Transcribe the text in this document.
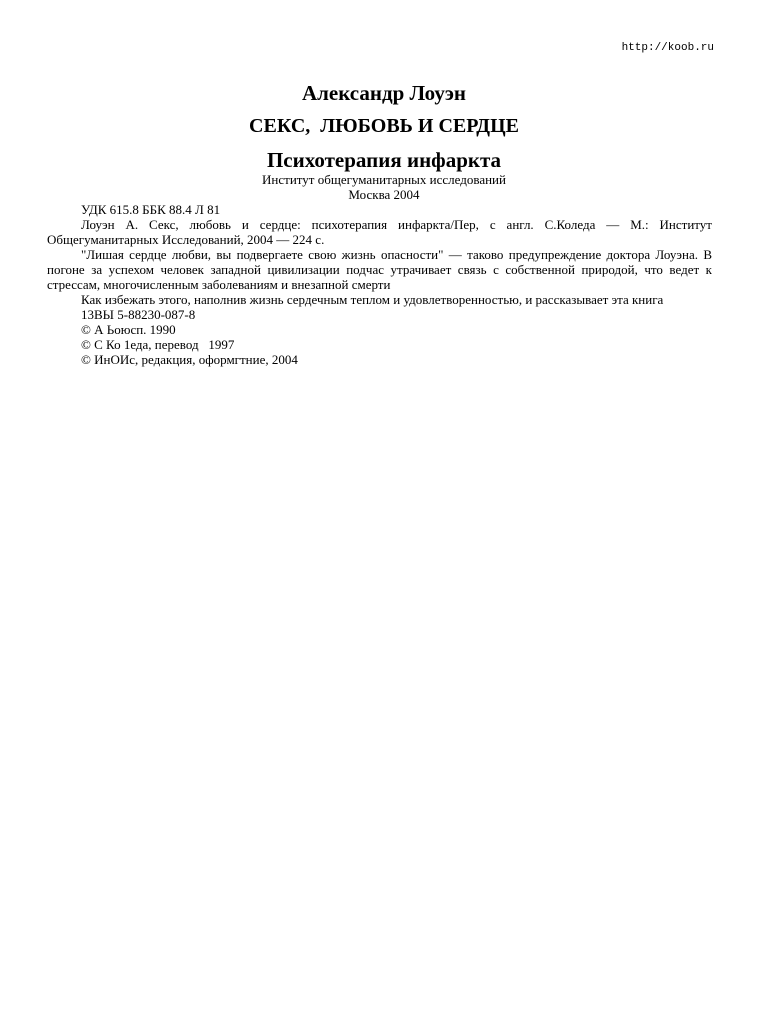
http://koob.ru
Александр Лоуэн
СЕКС,  ЛЮБОВЬ И СЕРДЦЕ
Психотерапия инфаркта
Институт общегуманитарных исследований
Москва 2004

УДК 615.8 ББК 88.4 Л 81

Лоуэн А. Секс, любовь и сердце: психотерапия инфаркта/Пер, с англ. С.Коледа — М.: Институт Общегуманитарных Исследований, 2004 — 224 с.

"Лишая сердце любви, вы подвергаете свою жизнь опасности" — таково предупреждение доктора Лоуэна. В погоне за успехом человек западной цивилизации подчас утрачивает связь с собственной природой, что ведет к стрессам, многочисленным заболеваниям и внезапной смерти

Как избежать этого, наполнив жизнь сердечным теплом и удовлетворенностью, и рассказывает эта книга

13ВЫ 5-88230-087-8

© А Ьоюсп. 1990

© С Ко 1еда, перевод   1997

© ИнОИс, редакция, оформгтние, 2004
